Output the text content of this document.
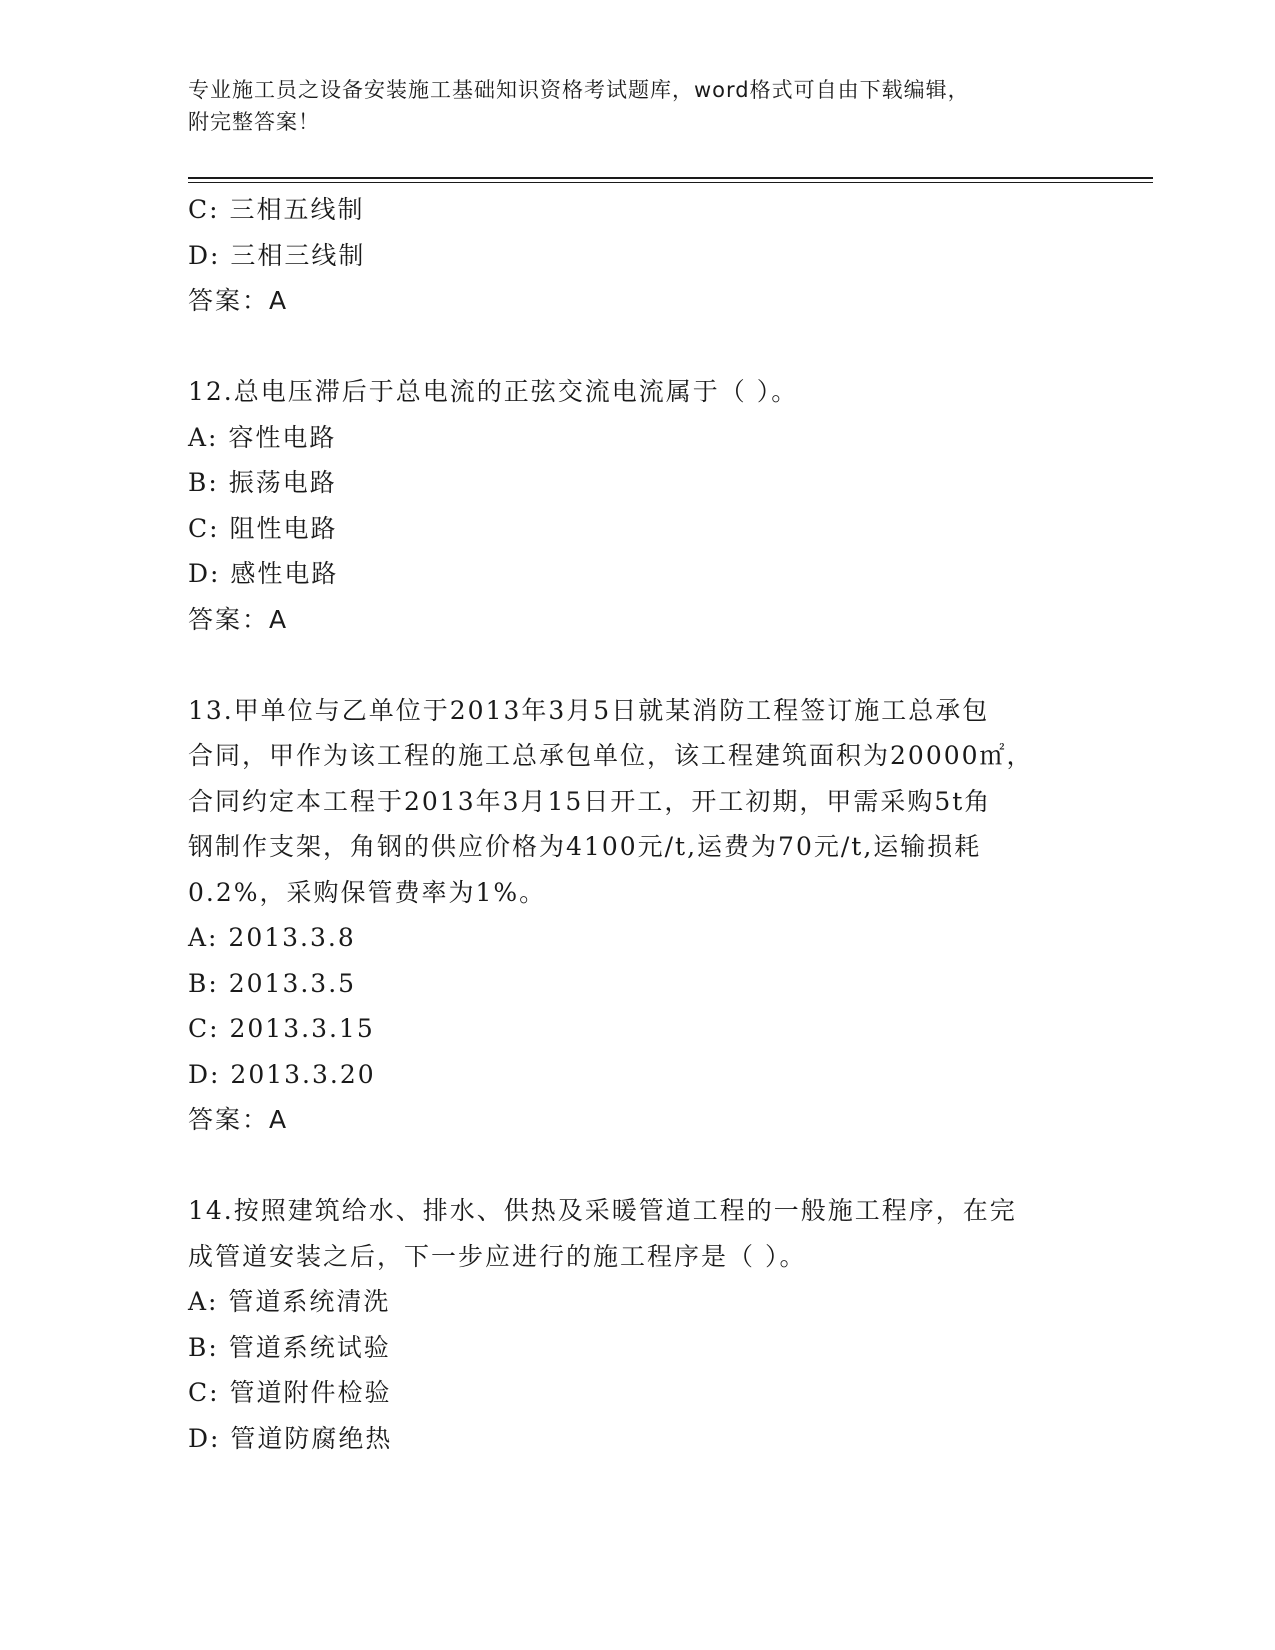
专业施工员之设备安装施工基础知识资格考试题库，word格式可自由下载编辑，
附完整答案！

C: 三相五线制

D: 三相三线制

答案：A

12.总电压滞后于总电流的正弦交流电流属于（ ）。

A: 容性电路

B: 振荡电路

C: 阻性电路

D: 感性电路

答案：A

13.甲单位与乙单位于2013年3月5日就某消防工程签订施工总承包

合同，甲作为该工程的施工总承包单位，该工程建筑面积为20000㎡，

合同约定本工程于2013年3月15日开工，开工初期，甲需采购5t角

钢制作支架，角钢的供应价格为4100元/t,运费为70元/t,运输损耗

0.2%，采购保管费率为1%。

A: 2013.3.8

B: 2013.3.5

C: 2013.3.15

D: 2013.3.20

答案：A

14.按照建筑给水、排水、供热及采暖管道工程的一般施工程序，在完

成管道安装之后，下一步应进行的施工程序是（ ）。

A: 管道系统清洗

B: 管道系统试验

C: 管道附件检验

D: 管道防腐绝热
